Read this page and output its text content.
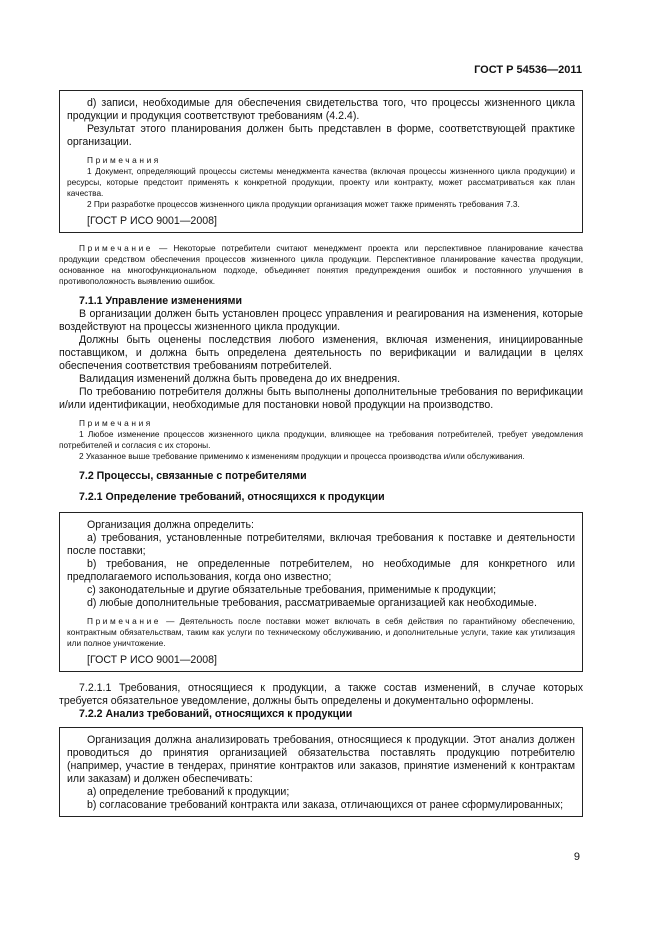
ГОСТ Р 54536—2011

d) записи, необходимые для обеспечения свидетельства того, что процессы жизненного цикла продукции и продукция соответствуют требованиям (4.2.4).

Результат этого планирования должен быть представлен в форме, соответствующей практике организации.

Примечания

1 Документ, определяющий процессы системы менеджмента качества (включая процессы жизненного цикла продукции) и ресурсы, которые предстоит применять к конкретной продукции, проекту или контракту, может рассматриваться как план качества.

2 При разработке процессов жизненного цикла продукции организация может также применять требования 7.3.

[ГОСТ Р ИСО 9001—2008]

Примечание — Некоторые потребители считают менеджмент проекта или перспективное планирование качества продукции средством обеспечения процессов жизненного цикла продукции. Перспективное планирование качества продукции, основанное на многофункциональном подходе, объединяет понятия предупреждения ошибок и постоянного улучшения в противоположность выявлению ошибок.

7.1.1 Управление изменениями

В организации должен быть установлен процесс управления и реагирования на изменения, которые воздействуют на процессы жизненного цикла продукции.

Должны быть оценены последствия любого изменения, включая изменения, инициированные поставщиком, и должна быть определена деятельность по верификации и валидации в целях обеспечения соответствия требованиям потребителей.

Валидация изменений должна быть проведена до их внедрения.

По требованию потребителя должны быть выполнены дополнительные требования по верификации и/или идентификации, необходимые для постановки новой продукции на производство.

Примечания

1 Любое изменение процессов жизненного цикла продукции, влияющее на требования потребителей, требует уведомления потребителей и согласия с их стороны.

2 Указанное выше требование применимо к изменениям продукции и процесса производства и/или обслуживания.

7.2 Процессы, связанные с потребителями

7.2.1 Определение требований, относящихся к продукции

Организация должна определить:

a) требования, установленные потребителями, включая требования к поставке и деятельности после поставки;

b) требования, не определенные потребителем, но необходимые для конкретного или предполагаемого использования, когда оно известно;

c) законодательные и другие обязательные требования, применимые к продукции;

d) любые дополнительные требования, рассматриваемые организацией как необходимые.

Примечание — Деятельность после поставки может включать в себя действия по гарантийному обеспечению, контрактным обязательствам, таким как услуги по техническому обслуживанию, и дополнительные услуги, такие как утилизация или полное уничтожение.

[ГОСТ Р ИСО 9001—2008]

7.2.1.1 Требования, относящиеся к продукции, а также состав изменений, в случае которых требуется обязательное уведомление, должны быть определены и документально оформлены.

7.2.2 Анализ требований, относящихся к продукции

Организация должна анализировать требования, относящиеся к продукции. Этот анализ должен проводиться до принятия организацией обязательства поставлять продукцию потребителю (например, участие в тендерах, принятие контрактов или заказов, принятие изменений к контрактам или заказам) и должен обеспечивать:

a) определение требований к продукции;

b) согласование требований контракта или заказа, отличающихся от ранее сформулированных;

9
